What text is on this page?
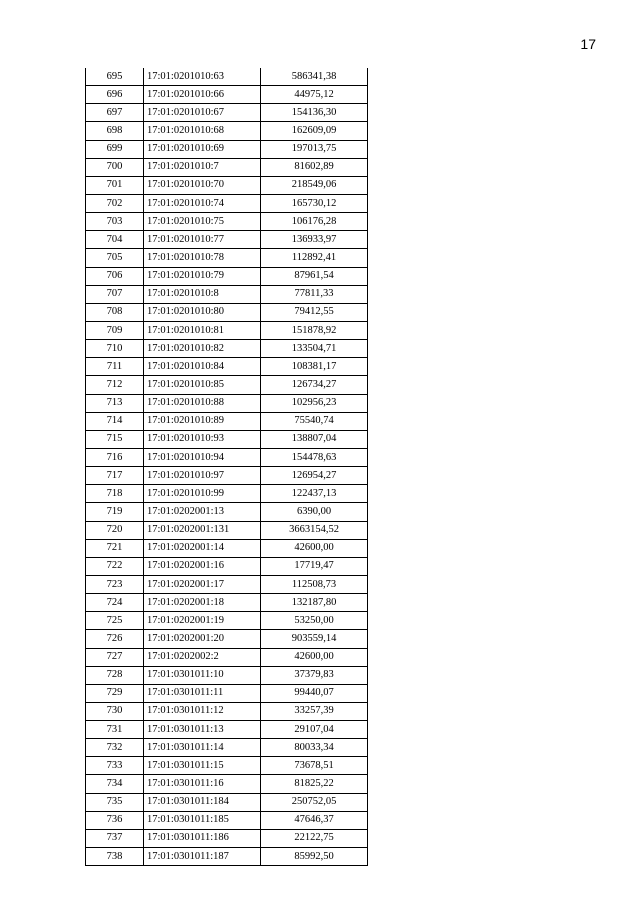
17
695	17:01:0201010:63	586341,38
696	17:01:0201010:66	44975,12
697	17:01:0201010:67	154136,30
698	17:01:0201010:68	162609,09
699	17:01:0201010:69	197013,75
700	17:01:0201010:7	81602,89
701	17:01:0201010:70	218549,06
702	17:01:0201010:74	165730,12
703	17:01:0201010:75	106176,28
704	17:01:0201010:77	136933,97
705	17:01:0201010:78	112892,41
706	17:01:0201010:79	87961,54
707	17:01:0201010:8	77811,33
708	17:01:0201010:80	79412,55
709	17:01:0201010:81	151878,92
710	17:01:0201010:82	133504,71
711	17:01:0201010:84	108381,17
712	17:01:0201010:85	126734,27
713	17:01:0201010:88	102956,23
714	17:01:0201010:89	75540,74
715	17:01:0201010:93	138807,04
716	17:01:0201010:94	154478,63
717	17:01:0201010:97	126954,27
718	17:01:0201010:99	122437,13
719	17:01:0202001:13	6390,00
720	17:01:0202001:131	3663154,52
721	17:01:0202001:14	42600,00
722	17:01:0202001:16	17719,47
723	17:01:0202001:17	112508,73
724	17:01:0202001:18	132187,80
725	17:01:0202001:19	53250,00
726	17:01:0202001:20	903559,14
727	17:01:0202002:2	42600,00
728	17:01:0301011:10	37379,83
729	17:01:0301011:11	99440,07
730	17:01:0301011:12	33257,39
731	17:01:0301011:13	29107,04
732	17:01:0301011:14	80033,34
733	17:01:0301011:15	73678,51
734	17:01:0301011:16	81825,22
735	17:01:0301011:184	250752,05
736	17:01:0301011:185	47646,37
737	17:01:0301011:186	22122,75
738	17:01:0301011:187	85992,50
